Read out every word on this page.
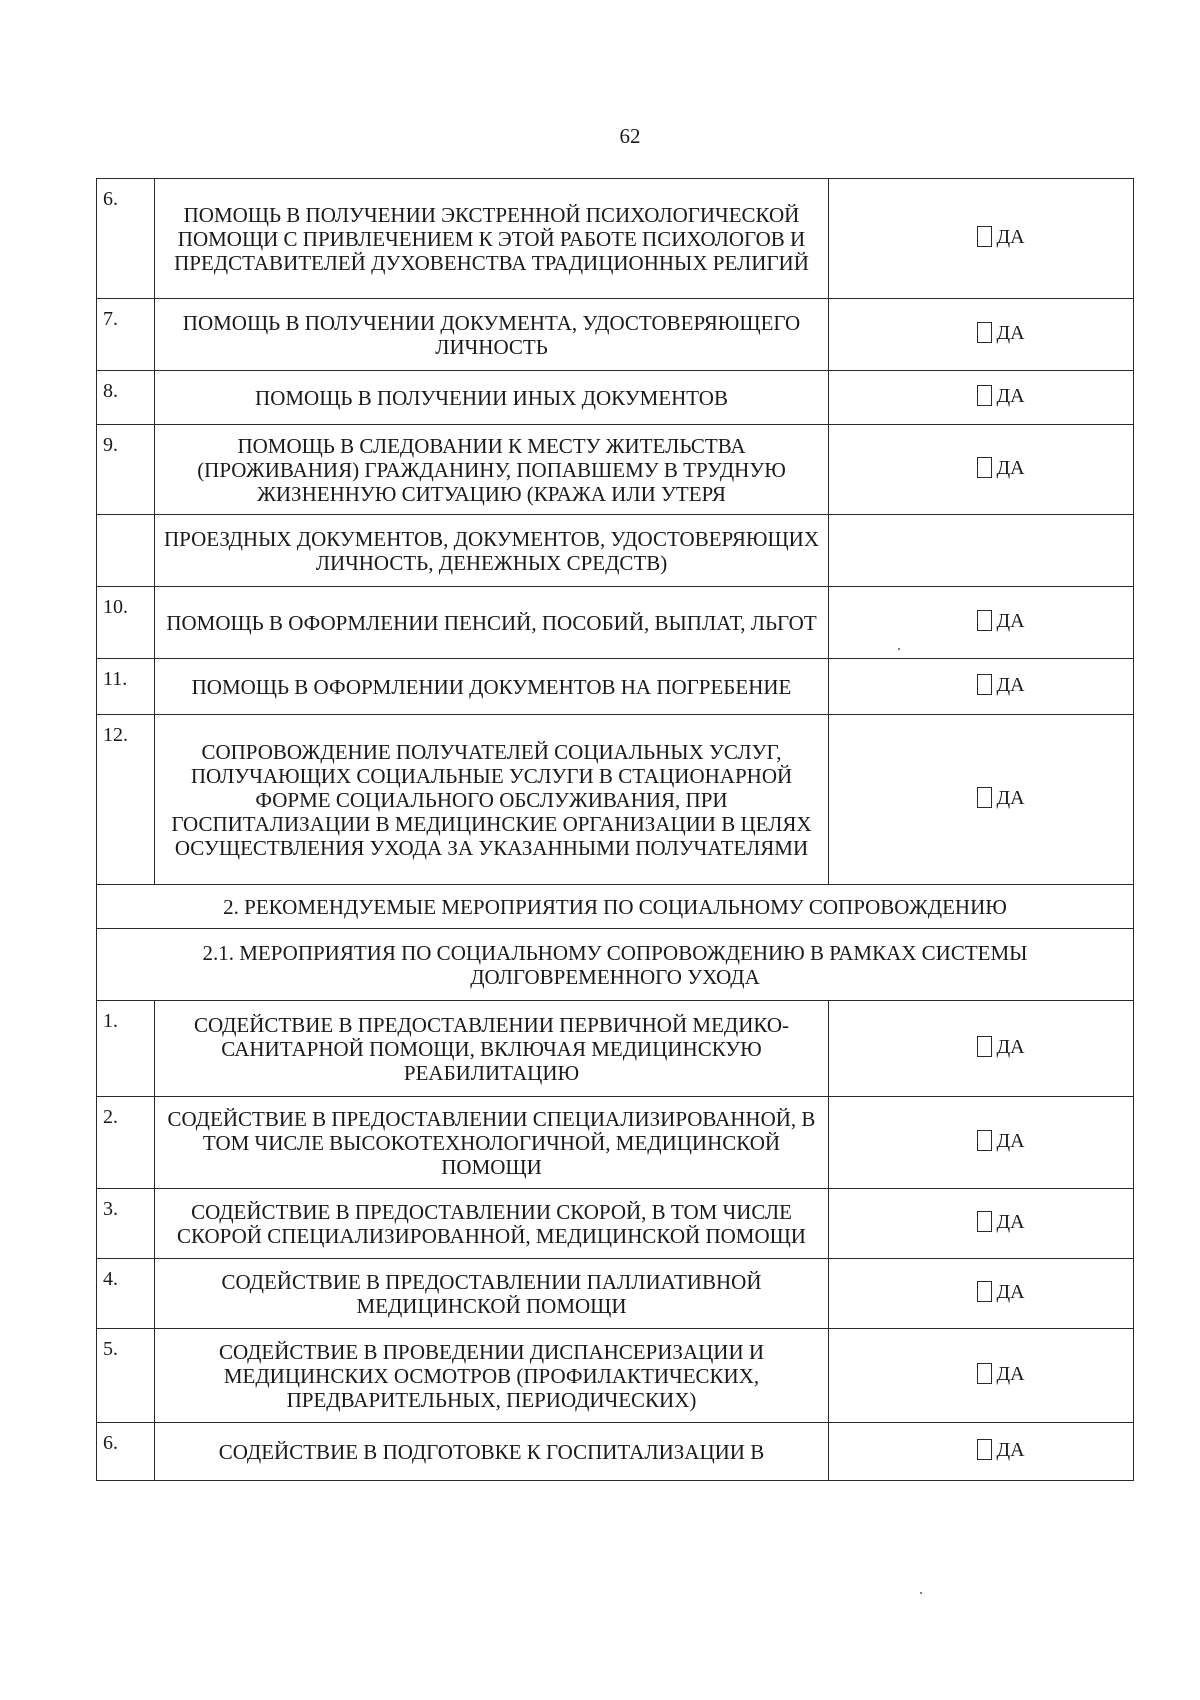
62
6.	ПОМОЩЬ В ПОЛУЧЕНИИ ЭКСТРЕННОЙ ПСИХОЛОГИЧЕСКОЙ ПОМОЩИ С ПРИВЛЕЧЕНИЕМ К ЭТОЙ РАБОТЕ ПСИХОЛОГОВ И ПРЕДСТАВИТЕЛЕЙ ДУХОВЕНСТВА ТРАДИЦИОННЫХ РЕЛИГИЙ	ДА

7.	ПОМОЩЬ В ПОЛУЧЕНИИ ДОКУМЕНТА, УДОСТОВЕРЯЮЩЕГО ЛИЧНОСТЬ	ДА

8.	ПОМОЩЬ В ПОЛУЧЕНИИ ИНЫХ ДОКУМЕНТОВ	ДА

9.	ПОМОЩЬ В СЛЕДОВАНИИ К МЕСТУ ЖИТЕЛЬСТВА (ПРОЖИВАНИЯ) ГРАЖДАНИНУ, ПОПАВШЕМУ В ТРУДНУЮ ЖИЗНЕННУЮ СИТУАЦИЮ (КРАЖА ИЛИ УТЕРЯ	ДА

	ПРОЕЗДНЫХ ДОКУМЕНТОВ, ДОКУМЕНТОВ, УДОСТОВЕРЯЮЩИХ ЛИЧНОСТЬ, ДЕНЕЖНЫХ СРЕДСТВ)	
10.	ПОМОЩЬ В ОФОРМЛЕНИИ ПЕНСИЙ, ПОСОБИЙ, ВЫПЛАТ, ЛЬГОТ	ДА

11.	ПОМОЩЬ В ОФОРМЛЕНИИ ДОКУМЕНТОВ НА ПОГРЕБЕНИЕ	ДА

12.	СОПРОВОЖДЕНИЕ ПОЛУЧАТЕЛЕЙ СОЦИАЛЬНЫХ УСЛУГ, ПОЛУЧАЮЩИХ СОЦИАЛЬНЫЕ УСЛУГИ В СТАЦИОНАРНОЙ ФОРМЕ СОЦИАЛЬНОГО ОБСЛУЖИВАНИЯ, ПРИ ГОСПИТАЛИЗАЦИИ В МЕДИЦИНСКИЕ ОРГАНИЗАЦИИ В ЦЕЛЯХ ОСУЩЕСТВЛЕНИЯ УХОДА ЗА УКАЗАННЫМИ ПОЛУЧАТЕЛЯМИ	ДА

2. РЕКОМЕНДУЕМЫЕ МЕРОПРИЯТИЯ ПО СОЦИАЛЬНОМУ СОПРОВОЖДЕНИЮ		
2.1. МЕРОПРИЯТИЯ ПО СОЦИАЛЬНОМУ СОПРОВОЖДЕНИЮ В РАМКАХ СИСТЕМЫ ДОЛГОВРЕМЕННОГО УХОДА		
1.	СОДЕЙСТВИЕ В ПРЕДОСТАВЛЕНИИ ПЕРВИЧНОЙ МЕДИКО-САНИТАРНОЙ ПОМОЩИ, ВКЛЮЧАЯ МЕДИЦИНСКУЮ РЕАБИЛИТАЦИЮ	ДА

2.	СОДЕЙСТВИЕ В ПРЕДОСТАВЛЕНИИ СПЕЦИАЛИЗИРОВАННОЙ, В ТОМ ЧИСЛЕ ВЫСОКОТЕХНОЛОГИЧНОЙ, МЕДИЦИНСКОЙ ПОМОЩИ	ДА

3.	СОДЕЙСТВИЕ В ПРЕДОСТАВЛЕНИИ СКОРОЙ, В ТОМ ЧИСЛЕ СКОРОЙ СПЕЦИАЛИЗИРОВАННОЙ, МЕДИЦИНСКОЙ ПОМОЩИ	ДА

4.	СОДЕЙСТВИЕ В ПРЕДОСТАВЛЕНИИ ПАЛЛИАТИВНОЙ МЕДИЦИНСКОЙ ПОМОЩИ	ДА

5.	СОДЕЙСТВИЕ В ПРОВЕДЕНИИ ДИСПАНСЕРИЗАЦИИ И МЕДИЦИНСКИХ ОСМОТРОВ (ПРОФИЛАКТИЧЕСКИХ, ПРЕДВАРИТЕЛЬНЫХ, ПЕРИОДИЧЕСКИХ)	ДА

6.	СОДЕЙСТВИЕ В ПОДГОТОВКЕ К ГОСПИТАЛИЗАЦИИ В	ДА
